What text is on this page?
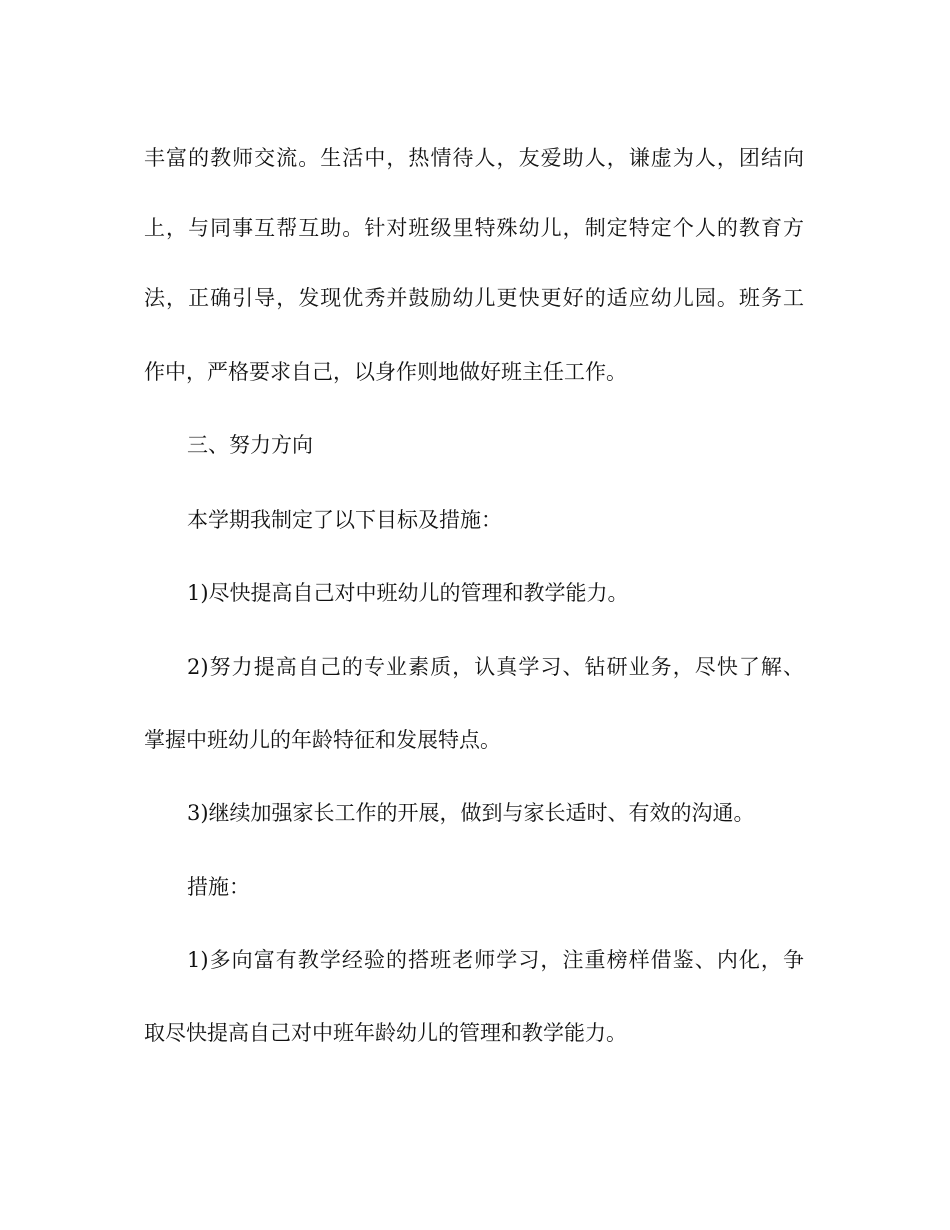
丰富的教师交流。生活中，热情待人，友爱助人，谦虚为人，团结向

上，与同事互帮互助。针对班级里特殊幼儿，制定特定个人的教育方

法，正确引导，发现优秀并鼓励幼儿更快更好的适应幼儿园。班务工

作中，严格要求自己，以身作则地做好班主任工作。

三、努力方向

本学期我制定了以下目标及措施：

1)尽快提高自己对中班幼儿的管理和教学能力。

2)努力提高自己的专业素质，认真学习、钻研业务，尽快了解、

掌握中班幼儿的年龄特征和发展特点。

3)继续加强家长工作的开展，做到与家长适时、有效的沟通。

措施：

1)多向富有教学经验的搭班老师学习，注重榜样借鉴、内化，争

取尽快提高自己对中班年龄幼儿的管理和教学能力。
